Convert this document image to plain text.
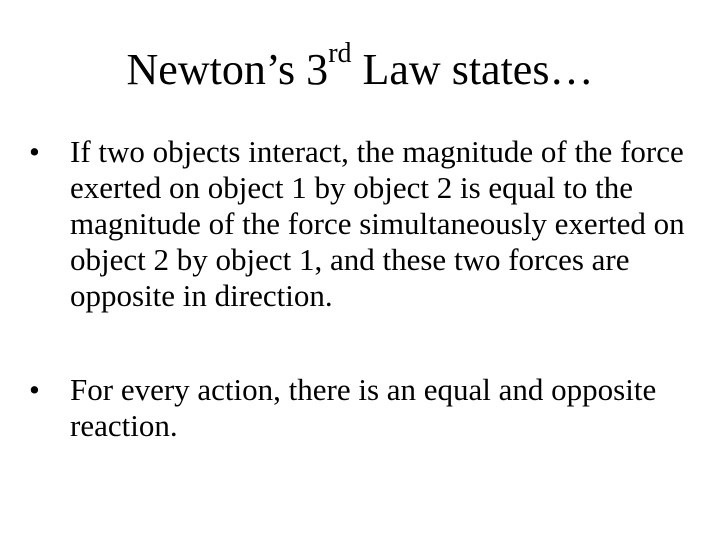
Newton’s 3rd Law states…
• If two objects interact, the magnitude of the force exerted on object 1 by object 2 is equal to the magnitude of the force simultaneously exerted on object 2 by object 1, and these two forces are opposite in direction.
• For every action, there is an equal and opposite reaction.
